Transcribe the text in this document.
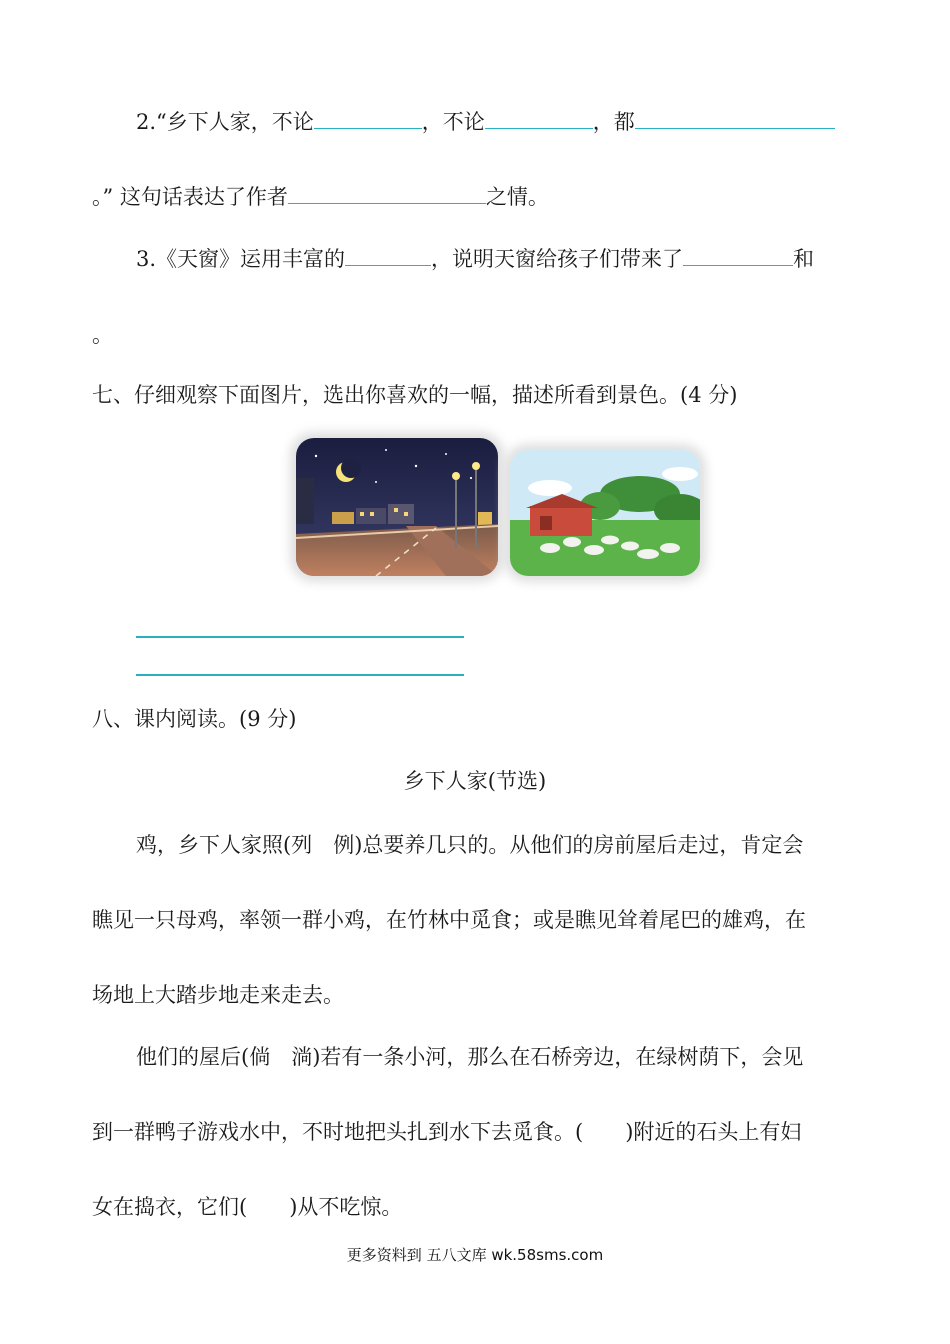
2.“乡下人家，不论	，不论	，都
。” 这句话表达了作者	之情。
3.《天窗》运用丰富的	，说明天窗给孩子们带来了	和
。
七、仔细观察下面图片，选出你喜欢的一幅，描述所看到景色。(4 分)
八、课内阅读。(9 分)
乡下人家(节选)
鸡，乡下人家照(列　例)总要养几只的。从他们的房前屋后走过，肯定会
瞧见一只母鸡，率领一群小鸡，在竹林中觅食；或是瞧见耸着尾巴的雄鸡，在
场地上大踏步地走来走去。
他们的屋后(倘　淌)若有一条小河，那么在石桥旁边，在绿树荫下，会见
到一群鸭子游戏水中，不时地把头扎到水下去觅食。(　　)附近的石头上有妇
女在捣衣，它们(　　)从不吃惊。
更多资料到 五八文库 wk.58sms.com
